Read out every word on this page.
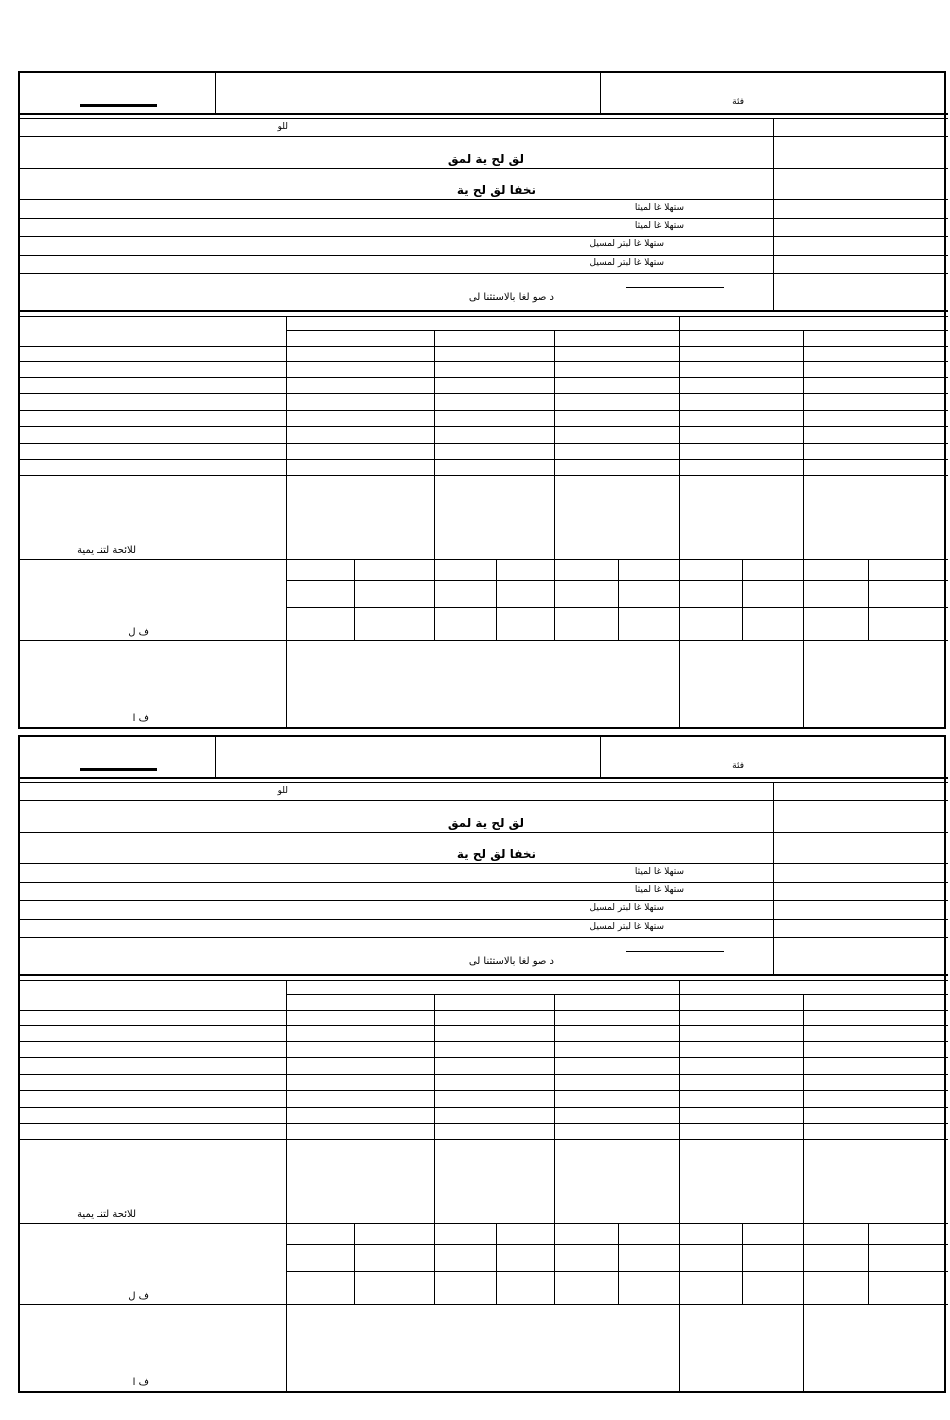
فئة
للو
لق لح ية لمق
نخفا لق لح ية
ستهلا غا لميثا
ستهلا غا لميثا
ستهلا غا لبتر لمسيل
ستهلا غا لبتر لمسيل
د صو لغا بالاستثنا لى
للائحة لتنـ يمية
ف ل
ف ا
فئة
للو
لق لح ية لمق
نخفا لق لح ية
ستهلا غا لميثا
ستهلا غا لميثا
ستهلا غا لبتر لمسيل
ستهلا غا لبتر لمسيل
د صو لغا بالاستثنا لى
للائحة لتنـ يمية
ف ل
ف ا
